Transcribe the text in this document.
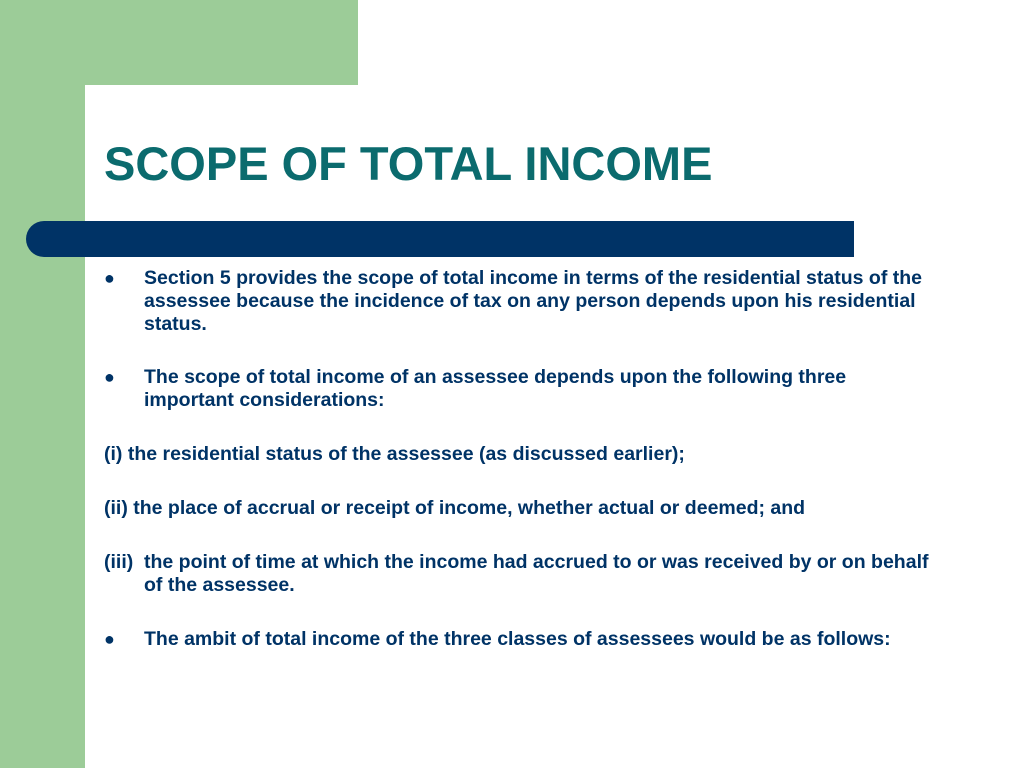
SCOPE OF TOTAL INCOME
● Section 5 provides the scope of total income in terms of the residential status of the assessee because the incidence of tax on any person depends upon his residential status.
● The scope of total income of an assessee depends upon the following three important considerations:
(i) the residential status of the assessee (as discussed earlier);
(ii) the place of accrual or receipt of income, whether actual or deemed; and
(iii) the point of time at which the income had accrued to or was received by or on behalf of the assessee.
● The ambit of total income of the three classes of assessees would be as follows:
